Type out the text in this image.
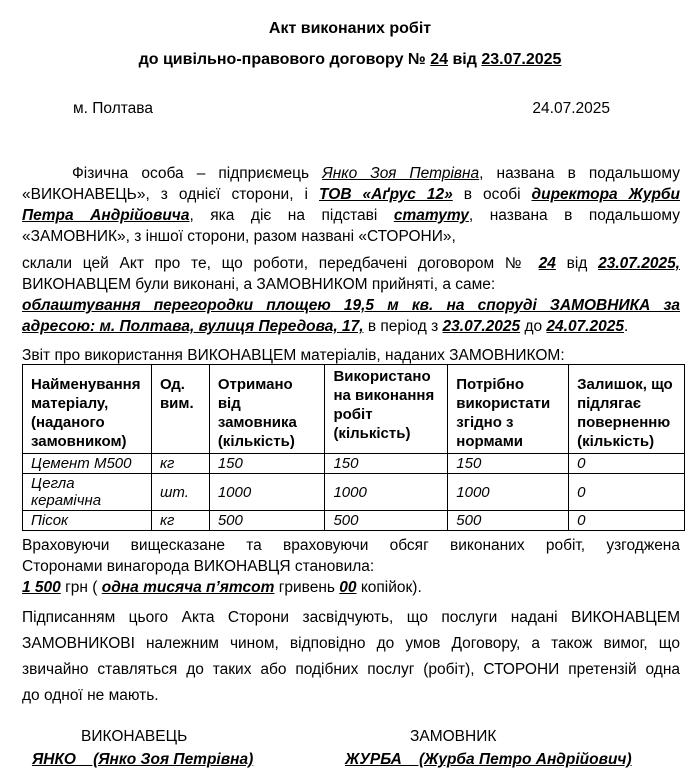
Акт виконаних робіт
до цивільно-правового договору № 24 від 23.07.2025
м. Полтава	24.07.2025
Фізична особа – підприємець Янко Зоя Петрівна, названа в подальшому
«ВИКОНАВЕЦЬ», з однієї сторони, і ТОВ «Аґрус 12» в особі директора Журби
Петра Андрійовича, яка діє на підставі статуту, названа в подальшому
«ЗАМОВНИК», з іншої сторони, разом названі «СТОРОНИ»,
склали цей Акт про те, що роботи, передбачені договором № 24 від 23.07.2025,
ВИКОНАВЦЕМ були виконані, а ЗАМОВНИКОМ прийняті, а саме:
облаштування перегородки площею 19,5 м кв. на споруді ЗАМОВНИКА за
адресою: м. Полтава, вулиця Передова, 17, в період з 23.07.2025 до 24.07.2025.
Звіт про використання ВИКОНАВЦЕМ матеріалів, наданих ЗАМОВНИКОМ:
Найменування матеріалу, (наданого замовником)	Од. вим.	Отримано від замовника (кількість)	Використано на виконання робіт (кількість)	Потрібно використати згідно з нормами	Залишок, що підлягає поверненню (кількість)
Цемент М500	кг	150	150	150	0
Цегла керамічна	шт.	1000	1000	1000	0
Пісок	кг	500	500	500	0
Враховуючи вищесказане та враховуючи обсяг виконаних робіт, узгоджена
Сторонами винагорода ВИКОНАВЦЯ становила:
1 500 грн ( одна тисяча п’ятсот гривень 00 копійок).
Підписанням цього Акта Сторони засвідчують, що послуги надані ВИКОНАВЦЕМ
ЗАМОВНИКОВІ належним чином, відповідно до умов Договору, а також вимог, що
звичайно ставляться до таких або подібних послуг (робіт), СТОРОНИ претензій одна
до одної не мають.
ВИКОНАВЕЦЬ
ЯНКО    (Янко Зоя Петрівна)
ЗАМОВНИК
ЖУРБА    (Журба Петро Андрійович)
